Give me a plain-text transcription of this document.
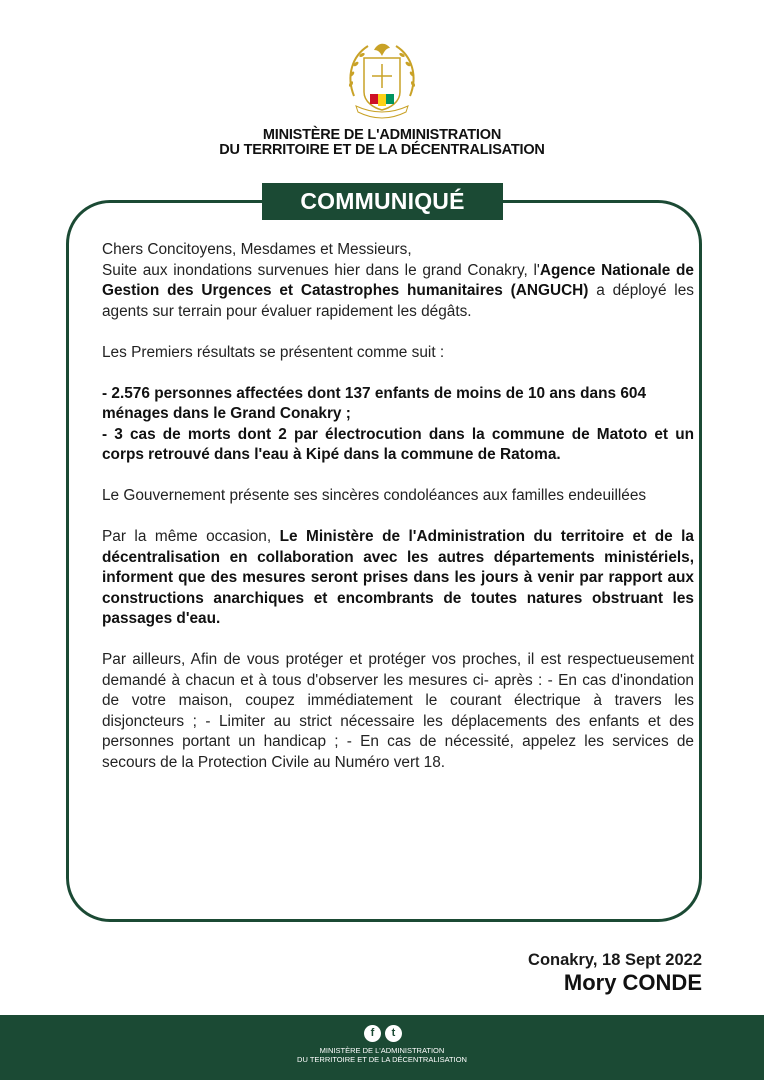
MINISTÈRE DE L'ADMINISTRATION
DU TERRITOIRE ET DE LA DÉCENTRALISATION
COMMUNIQUÉ

Chers Concitoyens, Mesdames et Messieurs,

Suite aux inondations survenues hier dans le grand Conakry, l'Agence Nationale de Gestion des Urgences et Catastrophes humanitaires (ANGUCH) a déployé les agents sur terrain pour évaluer rapidement les dégâts.

Les Premiers résultats se présentent comme suit :

- 2.576 personnes affectées dont 137 enfants de moins de 10 ans dans 604 ménages dans le Grand Conakry ;

- 3 cas de morts dont 2 par électrocution dans la commune de Matoto et un corps retrouvé dans l'eau à Kipé dans la commune de Ratoma.

Le Gouvernement présente ses sincères condoléances aux familles endeuillées

Par la même occasion, Le Ministère de l'Administration du territoire et de la décentralisation en collaboration avec les autres départements ministériels, informent que des mesures seront prises dans les jours à venir par rapport aux constructions anarchiques et encombrants de toutes natures obstruant les passages d'eau.

Par ailleurs, Afin de vous protéger et protéger vos proches, il est respectueusement demandé à chacun et à tous d'observer les mesures ci- après : - En cas d'inondation de votre maison, coupez immédiatement le courant électrique à travers les disjoncteurs ; - Limiter au strict nécessaire les déplacements des enfants et des personnes portant un handicap ; - En cas de nécessité, appelez les services de secours de la Protection Civile au Numéro vert 18.

Conakry, 18 Sept 2022
Mory CONDE
f	t
MINISTÈRE DE L'ADMINISTRATION
DU TERRITOIRE ET DE LA DÉCENTRALISATION
